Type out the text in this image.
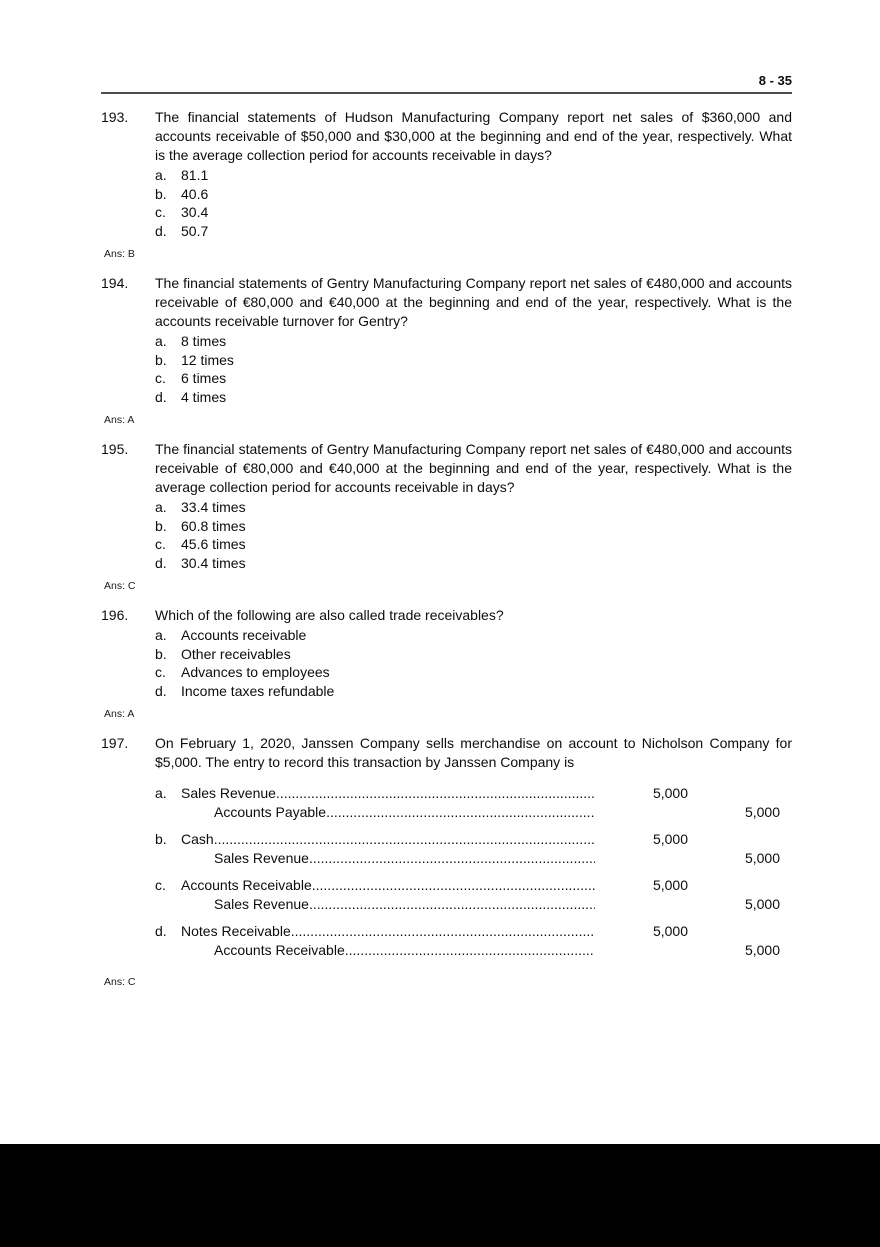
8 - 35
193.	The financial statements of Hudson Manufacturing Company report net sales of $360,000 and accounts receivable of $50,000 and $30,000 at the beginning and end of the year, respectively. What is the average collection period for accounts receivable in days?
a.	81.1
b.	40.6
c.	30.4
d.	50.7
Ans: B
194.	The financial statements of Gentry Manufacturing Company report net sales of €480,000 and accounts receivable of €80,000 and €40,000 at the beginning and end of the year, respectively. What is the accounts receivable turnover for Gentry?
a.	8 times
b.	12 times
c.	6 times
d.	4 times
Ans: A
195.	The financial statements of Gentry Manufacturing Company report net sales of €480,000 and accounts receivable of €80,000 and €40,000 at the beginning and end of the year, respectively. What is the average collection period for accounts receivable in days?
a.	33.4 times
b.	60.8 times
c.	45.6 times
d.	30.4 times
Ans: C
196.	Which of the following are also called trade receivables?
a.	Accounts receivable
b.	Other receivables
c.	Advances to employees
d.	Income taxes refundable
Ans: A
197.	On February 1, 2020, Janssen Company sells merchandise on account to Nicholson Company for $5,000. The entry to record this transaction by Janssen Company is
a.	Sales Revenue .....	5,000
Accounts Payable .....	5,000
b.	Cash .....	5,000
Sales Revenue .....	5,000
c.	Accounts Receivable .....	5,000
Sales Revenue .....	5,000
d.	Notes Receivable .....	5,000
Accounts Receivable .....	5,000
Ans: C
